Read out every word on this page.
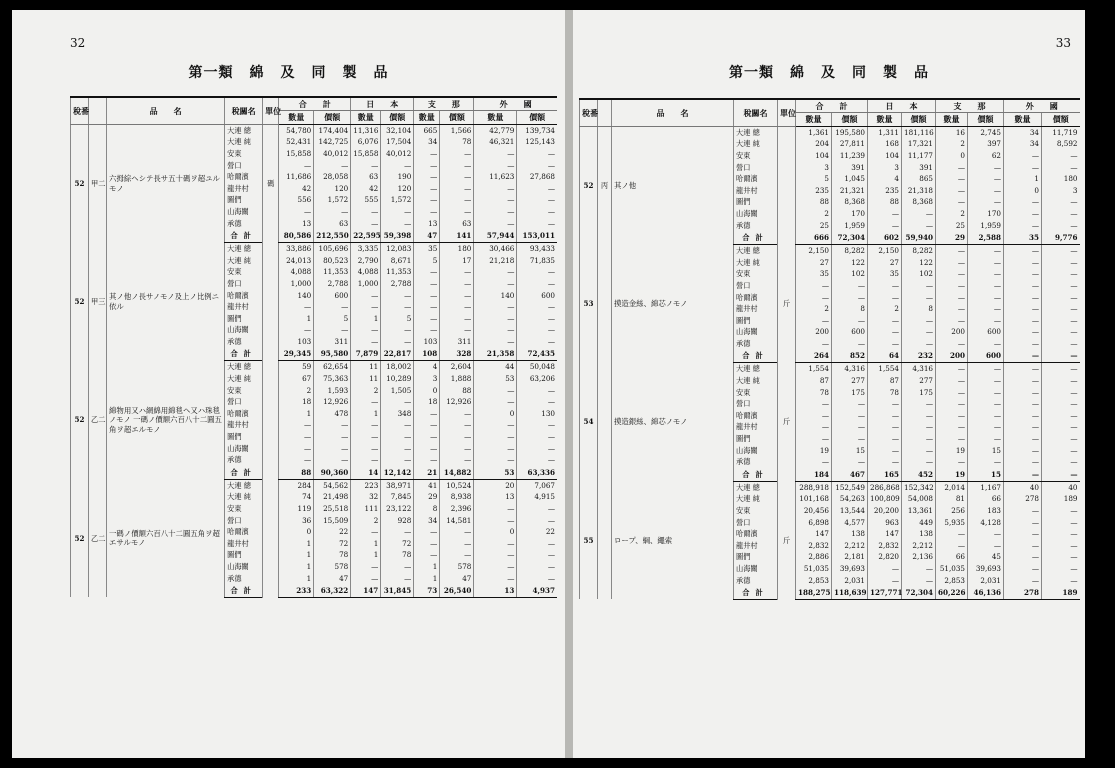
32
第一類 綿 及 同 製 品
稅番		品　　名	稅關名	單位	合　　計		日　　本		支　　那		外　　國	
					數量	價額	數量	價額	數量	價額	數量	價額
52	甲二	六拇綜ヘシテ長サ五十碼ヲ超ユルモノ	大連 總	碼	54,780	174,404	11,316	32,104	665	1,566	42,779	139,734
			大連 純		52,431	142,725	6,076	17,504	34	78	46,321	125,143
			安東		15,858	40,012	15,858	40,012	—	—	—	—
			營口		—	—	—	—	—	—	—	—
			哈爾濱		11,686	28,058	63	190	—	—	11,623	27,868
			龍井村		42	120	42	120	—	—	—	—
			圖們		556	1,572	555	1,572	—	—	—	—
			山海關		—	—	—	—	—	—	—	—
			承德		13	63	—	—	13	63	—	—
			合計		80,586	212,550	22,595	59,398	47	141	57,944	153,011
52	甲三	其ノ他ノ長サノモノ及上ノ比例ニ依ル	大連 總		33,886	105,696	3,335	12,083	35	180	30,466	93,433
			大連 純		24,013	80,523	2,790	8,671	5	17	21,218	71,835
			安東		4,088	11,353	4,088	11,353	—	—	—	—
			營口		1,000	2,788	1,000	2,788	—	—	—	—
			哈爾濱		140	600	—	—	—	—	140	600
			龍井村		—	—	—	—	—	—	—	—
			圖們		1	5	1	5	—	—	—	—
			山海關		—	—	—	—	—	—	—	—
			承德		103	311	—	—	103	311	—	—
			合計		29,345	95,580	7,879	22,817	108	328	21,358	72,435
52	乙二	綿物用又ハ網綿用綿毯ヘ又ハ珠毯ノモノ 一碼ノ價額六百八十二圓五角ヲ超エルモノ	大連 總		59	62,654	11	18,002	4	2,604	44	50,048
			大連 純		67	75,363	11	10,289	3	1,888	53	63,206
			安東		2	1,593	2	1,505	0	88	—	—
			營口		18	12,926	—	—	18	12,926	—	—
			哈爾濱		1	478	1	348	—	—	0	130
			龍井村		—	—	—	—	—	—	—	—
			圖們		—	—	—	—	—	—	—	—
			山海關		—	—	—	—	—	—	—	—
			承德		—	—	—	—	—	—	—	—
			合計		88	90,360	14	12,142	21	14,882	53	63,336
52	乙二	一碼ノ價額六百八十二圓五角ヲ超エサルモノ	大連 總		284	54,562	223	38,971	41	10,524	20	7,067
			大連 純		74	21,498	32	7,845	29	8,938	13	4,915
			安東		119	25,518	111	23,122	8	2,396	—	—
			營口		36	15,509	2	928	34	14,581	—	—
			哈爾濱		0	22	—	—	—	—	0	22
			龍井村		1	72	1	72	—	—	—	—
			圖們		1	78	1	78	—	—	—	—
			山海關		1	578	—	—	1	578	—	—
			承德		1	47	—	—	1	47	—	—
			合計		233	63,322	147	31,845	73	26,540	13	4,937
33
第一類 綿 及 同 製 品
稅番		品　　名	稅關名	單位	合　　計		日　　本		支　　那		外　　國	
					數量	價額	數量	價額	數量	價額	數量	價額
52	丙	其ノ他	大連 總		1,361	195,580	1,311	181,116	16	2,745	34	11,719
			大連 純		204	27,811	168	17,321	2	397	34	8,592
			安東		104	11,239	104	11,177	0	62	—	—
			營口		3	391	3	391	—	—	—	—
			哈爾濱		5	1,045	4	865	—	—	1	180
			龍井村		235	21,321	235	21,318	—	—	0	3
			圖們		88	8,368	88	8,368	—	—	—	—
			山海關		2	170	—	—	2	170	—	—
			承德		25	1,959	—	—	25	1,959	—	—
			合計		666	72,304	602	59,940	29	2,588	35	9,776
53		摸造金絲、綿芯ノモノ	大連 總	斤	2,150	8,282	2,150	8,282	—	—	—	—
			大連 純		27	122	27	122	—	—	—	—
			安東		35	102	35	102	—	—	—	—
			營口		—	—	—	—	—	—	—	—
			哈爾濱		—	—	—	—	—	—	—	—
			龍井村		2	8	2	8	—	—	—	—
			圖們		—	—	—	—	—	—	—	—
			山海關		200	600	—	—	200	600	—	—
			承德		—	—	—	—	—	—	—	—
			合計		264	852	64	232	200	600	—	—
54		摸造銀絲、綿芯ノモノ	大連 總	斤	1,554	4,316	1,554	4,316	—	—	—	—
			大連 純		87	277	87	277	—	—	—	—
			安東		78	175	78	175	—	—	—	—
			營口		—	—	—	—	—	—	—	—
			哈爾濱		—	—	—	—	—	—	—	—
			龍井村		—	—	—	—	—	—	—	—
			圖們		—	—	—	—	—	—	—	—
			山海關		19	15	—	—	19	15	—	—
			承德		—	—	—	—	—	—	—	—
			合計		184	467	165	452	19	15	—	—
55		ロープ、綱、繩索	大連 總	斤	288,918	152,549	286,868	152,342	2,014	1,167	40	40
			大連 純		101,168	54,263	100,809	54,008	81	66	278	189
			安東		20,456	13,544	20,200	13,361	256	183	—	—
			營口		6,898	4,577	963	449	5,935	4,128	—	—
			哈爾濱		147	138	147	138	—	—	—	—
			龍井村		2,832	2,212	2,832	2,212	—	—	—	—
			圖們		2,886	2,181	2,820	2,136	66	45	—	—
			山海關		51,035	39,693	—	—	51,035	39,693	—	—
			承德		2,853	2,031	—	—	2,853	2,031	—	—
			合計		188,275	118,639	127,771	72,304	60,226	46,136	278	189
